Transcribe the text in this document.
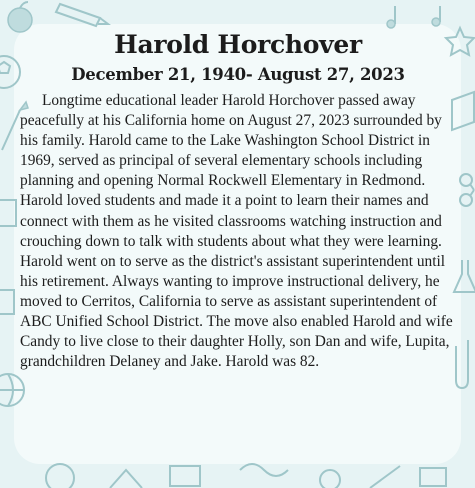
Harold Horchover
December 21, 1940- August 27, 2023

Longtime educational leader Harold Horchover passed away peacefully at his California home on August 27, 2023 surrounded by his family. Harold came to the Lake Washington School District in 1969, served as principal of several elementary schools including planning and opening Normal Rockwell Elementary in Redmond. Harold loved students and made it a point to learn their names and connect with them as he visited classrooms watching instruction and crouching down to talk with students about what they were learning. Harold went on to serve as the district's assistant superintendent until his retirement. Always wanting to improve instructional delivery, he moved to Cerritos, California to serve as assistant superintendent of ABC Unified School District. The move also enabled Harold and wife Candy to live close to their daughter Holly, son Dan and wife, Lupita, grandchildren Delaney and Jake. Harold was 82.
